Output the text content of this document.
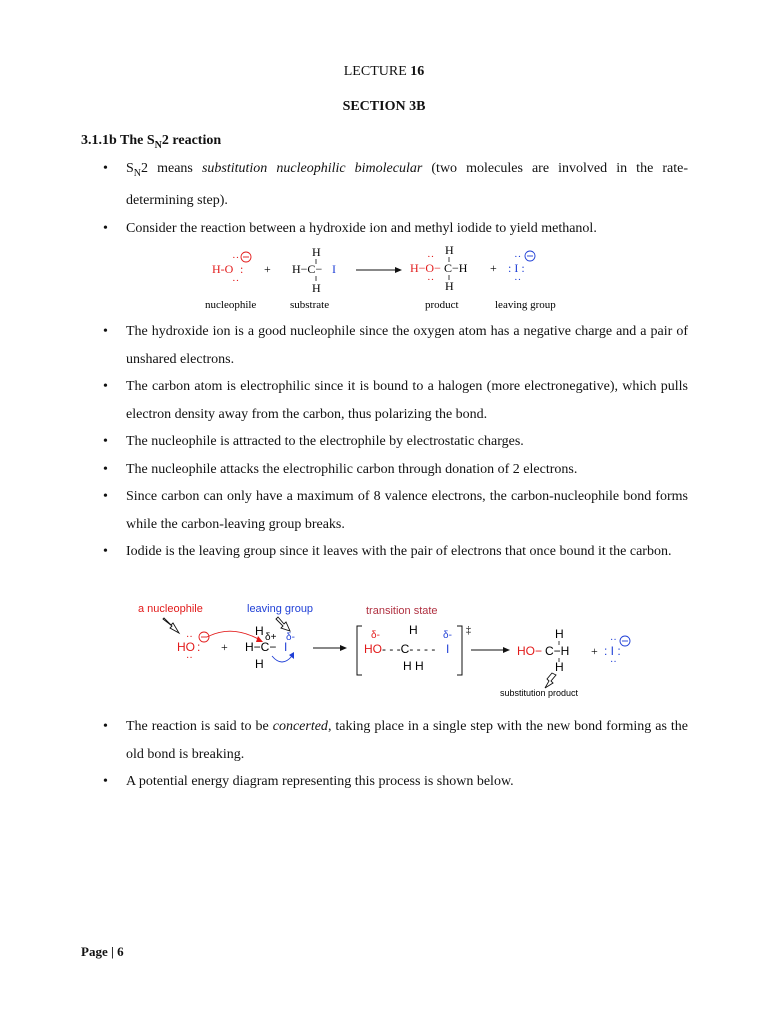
LECTURE 16
SECTION 3B
3.1.1b The $S_N2$ reaction
• $S_N2$ means substitution nucleophilic bimolecular (two molecules are involved in the rate-determining step).
• Consider the reaction between a hydroxide ion and methyl iodide to yield methanol.
H-O
··
··
: +
H
H−C− I
H
H
H−O−
··
··
C−H
H
+ : I :
··
··
nucleophile	substrate	product	leaving group
• The hydroxide ion is a good nucleophile since the oxygen atom has a negative charge and a pair of unshared electrons.
• The carbon atom is electrophilic since it is bound to a halogen (more electronegative), which pulls electron density away from the carbon, thus polarizing the bond.
• The nucleophile is attracted to the electrophile by electrostatic charges.
• The nucleophile attacks the electrophilic carbon through donation of 2 electrons.
• Since carbon can only have a maximum of 8 valence electrons, the carbon-nucleophile bond forms while the carbon-leaving group breaks.
• Iodide is the leaving group since it leaves with the pair of electrons that once bound it the carbon.
a nucleophile	leaving group	transition state
substitution product
HO :
··
··
+
H δ+ δ-
H−C− I
H
‡
δ-	δ-
H
HO - - -C- - - - I
H H
H
HO− C−H
H
+ : I :
··
··
• The reaction is said to be concerted, taking place in a single step with the new bond forming as the old bond is breaking.
• A potential energy diagram representing this process is shown below.
Page | 6
